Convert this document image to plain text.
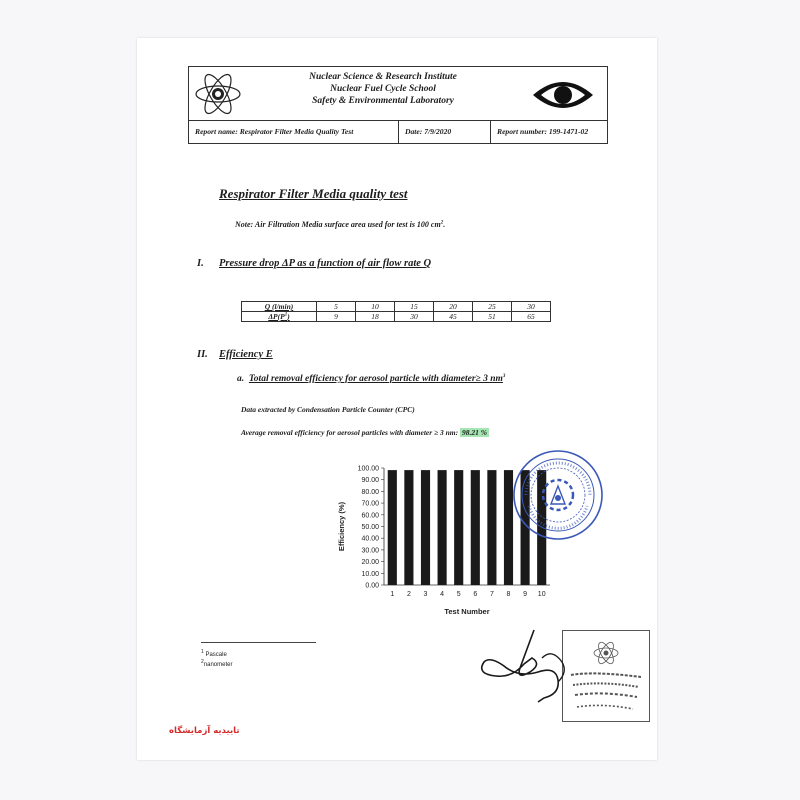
Nuclear Science & Research Institute
Nuclear Fuel Cycle School
Safety & Environmental Laboratory
Report name: Respirator Filter Media Quality Test	Date: 7/9/2020	Report number: 199-1471-02
Respirator Filter Media quality test
Note: Air Filtration Media surface area used for test is 100 $cm^2$.
I. Pressure drop ΔP as a function of air flow rate Q
Q (l/min)	5	10	15	20	25	30
$\Delta P(P^1)$	9	18	30	45	51	65
II. Efficiency E
a. Total removal efficiency for aerosol particle with diameter≥ 3 $nm^3$
Data extracted by Condensation Particle Counter (CPC)
Average removal efficiency for aerosol particles with diameter ≥ 3 nm: 98.21 %
0.00
10.00
20.00
30.00
40.00
50.00
60.00
70.00
80.00
90.00
100.00
1 2 3 4 5 6 7 8 9 10
Test Number
Efficiency (%)
$^1$ Pascale
$^2$nanometer
تاییدیه آزمایشگاه
